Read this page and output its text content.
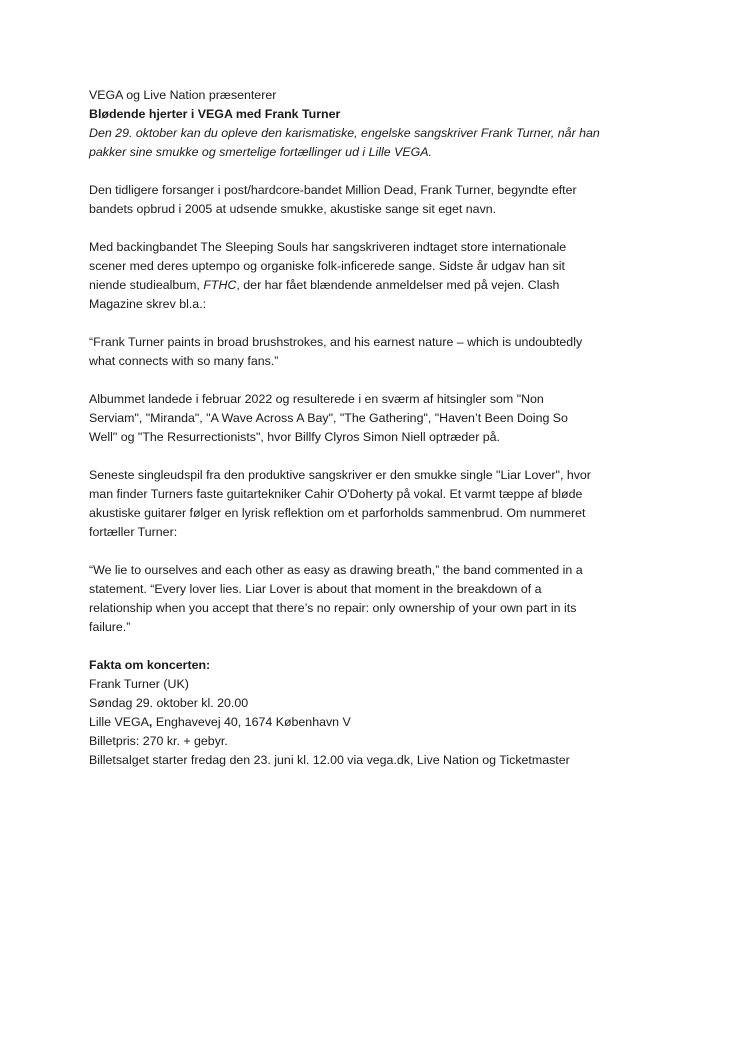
VEGA og Live Nation præsenterer
Blødende hjerter i VEGA med Frank Turner
Den 29. oktober kan du opleve den karismatiske, engelske sangskriver Frank Turner, når han
pakker sine smukke og smertelige fortællinger ud i Lille VEGA.
Den tidligere forsanger i post/hardcore-bandet Million Dead, Frank Turner, begyndte efter
bandets opbrud i 2005 at udsende smukke, akustiske sange sit eget navn.
Med backingbandet The Sleeping Souls har sangskriveren indtaget store internationale
scener med deres uptempo og organiske folk-inficerede sange. Sidste år udgav han sit
niende studiealbum, FTHC, der har fået blændende anmeldelser med på vejen. Clash
Magazine skrev bl.a.:
“Frank Turner paints in broad brushstrokes, and his earnest nature – which is undoubtedly
what connects with so many fans.”
Albummet landede i februar 2022 og resulterede i en sværm af hitsingler som "Non
Serviam", "Miranda", "A Wave Across A Bay", "The Gathering", "Haven’t Been Doing So
Well" og "The Resurrectionists", hvor Billfy Clyros Simon Niell optræder på.
Seneste singleudspil fra den produktive sangskriver er den smukke single "Liar Lover", hvor
man finder Turners faste guitartekniker Cahir O'Doherty på vokal. Et varmt tæppe af bløde
akustiske guitarer følger en lyrisk reflektion om et parforholds sammenbrud. Om nummeret
fortæller Turner:
“We lie to ourselves and each other as easy as drawing breath,” the band commented in a
statement. “Every lover lies. Liar Lover is about that moment in the breakdown of a
relationship when you accept that there’s no repair: only ownership of your own part in its
failure.”
Fakta om koncerten:
Frank Turner (UK)
Søndag 29. oktober kl. 20.00
Lille VEGA, Enghavevej 40, 1674 København V
Billetpris: 270 kr. + gebyr.
Billetsalget starter fredag den 23. juni kl. 12.00 via vega.dk, Live Nation og Ticketmaster
